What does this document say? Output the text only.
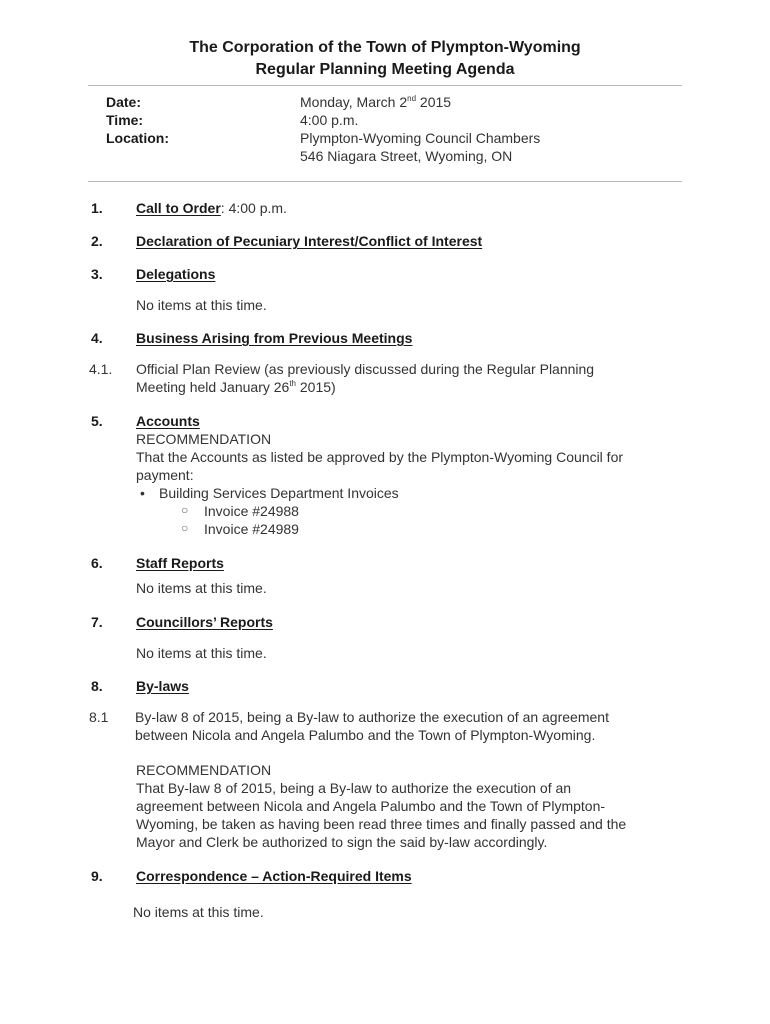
The Corporation of the Town of Plympton-Wyoming
Regular Planning Meeting Agenda
Date:	Monday, March 2nd 2015
Time:	4:00 p.m.
Location:	Plympton-Wyoming Council Chambers
546 Niagara Street, Wyoming, ON
1. Call to Order: 4:00 p.m.
2. Declaration of Pecuniary Interest/Conflict of Interest
3. Delegations
No items at this time.
4. Business Arising from Previous Meetings
4.1. Official Plan Review (as previously discussed during the Regular Planning
Meeting held January 26th 2015)
5. Accounts
RECOMMENDATION
That the Accounts as listed be approved by the Plympton-Wyoming Council for
payment:
• Building Services Department Invoices
○ Invoice #24988
○ Invoice #24989
6. Staff Reports
No items at this time.
7. Councillors’ Reports
No items at this time.
8. By-laws
8.1 By-law 8 of 2015, being a By-law to authorize the execution of an agreement
between Nicola and Angela Palumbo and the Town of Plympton-Wyoming.
RECOMMENDATION
That By-law 8 of 2015, being a By-law to authorize the execution of an
agreement between Nicola and Angela Palumbo and the Town of Plympton-
Wyoming, be taken as having been read three times and finally passed and the
Mayor and Clerk be authorized to sign the said by-law accordingly.
9. Correspondence – Action-Required Items
No items at this time.
